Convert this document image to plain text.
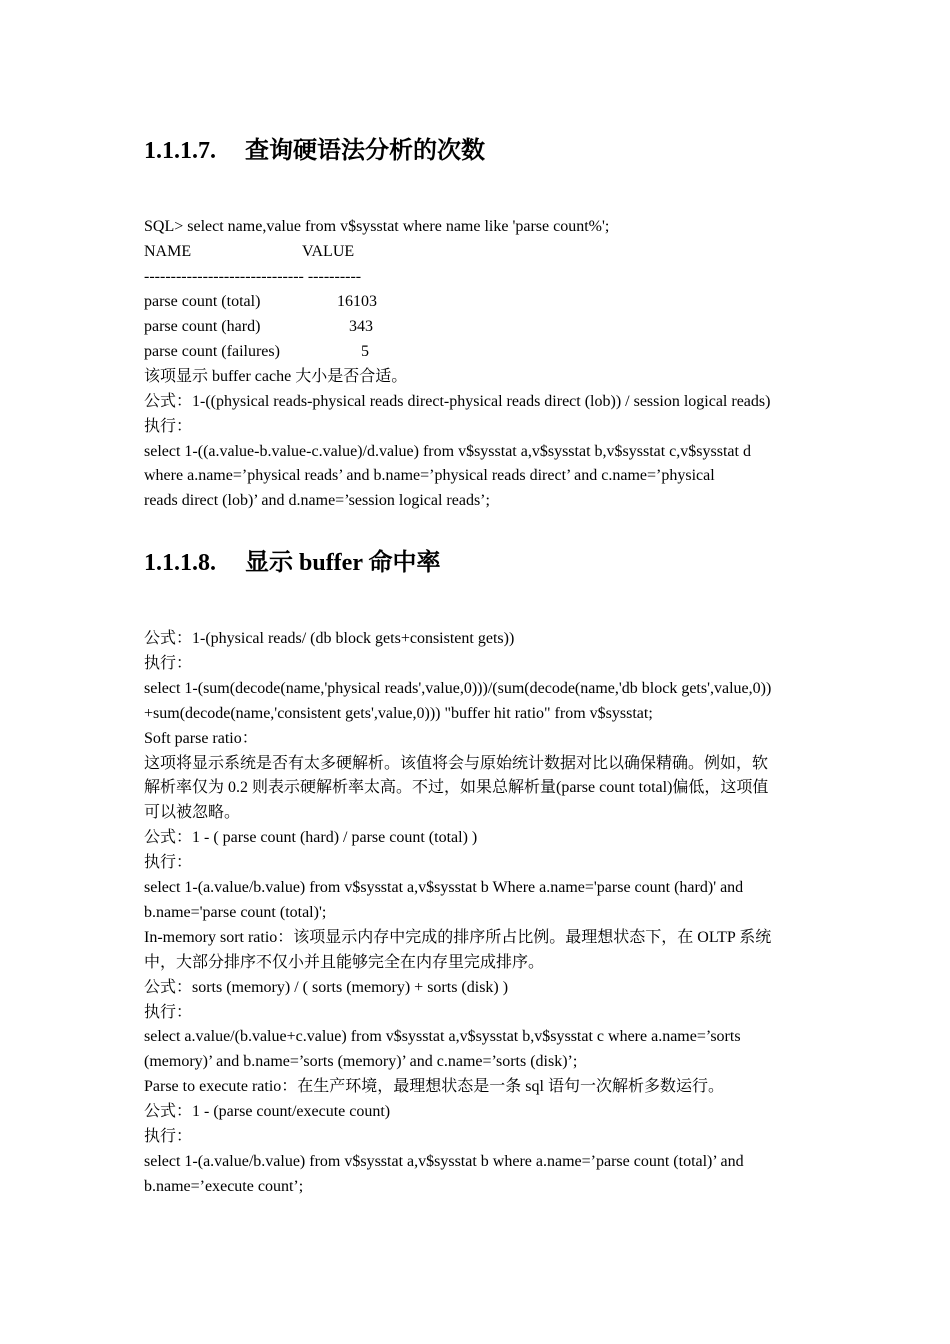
1.1.1.7. 查询硬语法分析的次数
SQL> select name,value from v$sysstat where name like 'parse count%';
NAME	VALUE
------------------------------ ----------
parse count (total)	16103
parse count (hard)	343
parse count (failures)	5
该项显示 buffer cache 大小是否合适。
公式：1-((physical reads-physical reads direct-physical reads direct (lob)) / session logical reads)
执行：
select 1-((a.value-b.value-c.value)/d.value) from v$sysstat a,v$sysstat b,v$sysstat c,v$sysstat d
where a.name=’physical reads’ and b.name=’physical reads direct’ and c.name=’physical
reads direct (lob)’ and d.name=’session logical reads’;
1.1.1.8. 显示 buffer 命中率
公式：1-(physical reads/ (db block gets+consistent gets))
执行：
select 1-(sum(decode(name,'physical reads',value,0)))/(sum(decode(name,'db block gets',value,0))
+sum(decode(name,'consistent gets',value,0))) "buffer hit ratio" from v$sysstat;
Soft parse ratio：
这项将显示系统是否有太多硬解析。该值将会与原始统计数据对比以确保精确。例如，软
解析率仅为 0.2 则表示硬解析率太高。不过，如果总解析量(parse count total)偏低，这项值
可以被忽略。
公式：1 - ( parse count (hard) / parse count (total) )
执行：
select 1-(a.value/b.value) from v$sysstat a,v$sysstat b Where a.name='parse count (hard)' and
b.name='parse count (total)';
In-memory sort ratio：该项显示内存中完成的排序所占比例。最理想状态下，在 OLTP 系统
中，大部分排序不仅小并且能够完全在内存里完成排序。
公式：sorts (memory) / ( sorts (memory) + sorts (disk) )
执行：
select a.value/(b.value+c.value) from v$sysstat a,v$sysstat b,v$sysstat c where a.name=’sorts
(memory)’ and b.name=’sorts (memory)’ and c.name=’sorts (disk)’;
Parse to execute ratio：在生产环境，最理想状态是一条 sql 语句一次解析多数运行。
公式：1 - (parse count/execute count)
执行：
select 1-(a.value/b.value) from v$sysstat a,v$sysstat b where a.name=’parse count (total)’ and
b.name=’execute count’;
